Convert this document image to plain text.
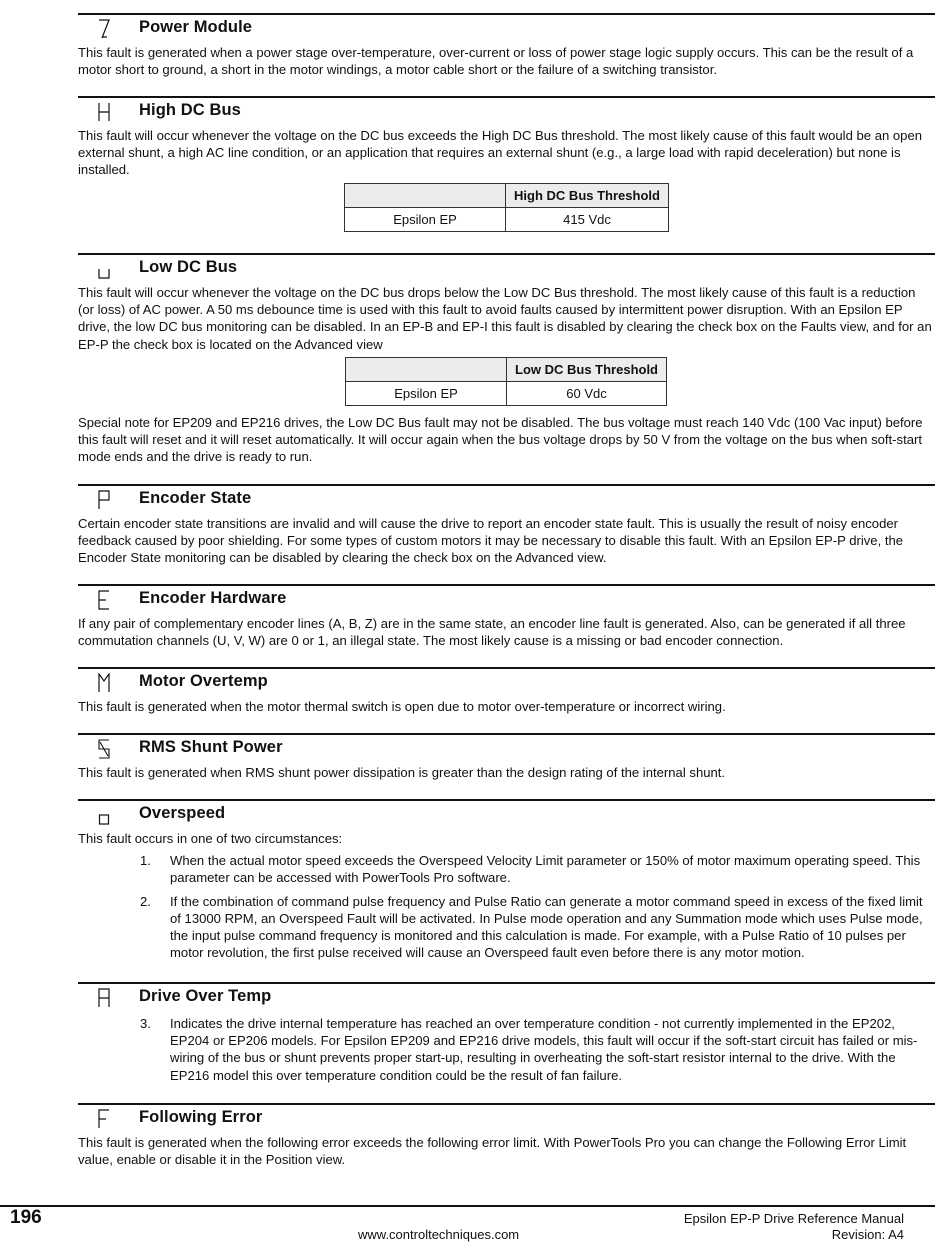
Power Module

This fault is generated when a power stage over-temperature, over-current or loss of power stage logic supply occurs. This can be the result of a motor short to ground, a short in the motor windings, a motor cable short or the failure of a switching transistor.

High DC Bus

This fault will occur whenever the voltage on the DC bus exceeds the High DC Bus threshold. The most likely cause of this fault would be an open external shunt, a high AC line condition, or an application that requires an external shunt (e.g., a large load with rapid deceleration) but none is installed.

	High DC Bus Threshold
Epsilon EP	415 Vdc
Low DC Bus

This fault will occur whenever the voltage on the DC bus drops below the Low DC Bus threshold. The most likely cause of this fault is a reduction (or loss) of AC power. A 50 ms debounce time is used with this fault to avoid faults caused by intermittent power disruption. With an Epsilon EP drive, the low DC bus monitoring can be disabled. In an EP-B and EP-I this fault is disabled by clearing the check box on the Faults view, and for an EP-P the check box is located on the Advanced view

	Low DC Bus Threshold
Epsilon EP	60 Vdc

Special note for EP209 and EP216 drives, the Low DC Bus fault may not be disabled. The bus voltage must reach 140 Vdc (100 Vac input) before this fault will reset and it will reset automatically. It will occur again when the bus voltage drops by 50 V from the voltage on the bus when soft-start mode ends and the drive is ready to run.

Encoder State

Certain encoder state transitions are invalid and will cause the drive to report an encoder state fault. This is usually the result of noisy encoder feedback caused by poor shielding. For some types of custom motors it may be necessary to disable this fault. With an Epsilon EP-P drive, the Encoder State monitoring can be disabled by clearing the check box on the Advanced view.

Encoder Hardware

If any pair of complementary encoder lines (A, B, Z) are in the same state, an encoder line fault is generated. Also, can be generated if all three commutation channels (U, V, W) are 0 or 1, an illegal state. The most likely cause is a missing or bad encoder connection.

Motor Overtemp

This fault is generated when the motor thermal switch is open due to motor over-temperature or incorrect wiring.

RMS Shunt Power

This fault is generated when RMS shunt power dissipation is greater than the design rating of the internal shunt.

Overspeed

This fault occurs in one of two circumstances:

1. When the actual motor speed exceeds the Overspeed Velocity Limit parameter or 150% of motor maximum operating speed. This parameter can be accessed with PowerTools Pro software.
2. If the combination of command pulse frequency and Pulse Ratio can generate a motor command speed in excess of the fixed limit of 13000 RPM, an Overspeed Fault will be activated. In Pulse mode operation and any Summation mode which uses Pulse mode, the input pulse command frequency is monitored and this calculation is made. For example, with a Pulse Ratio of 10 pulses per motor revolution, the first pulse received will cause an Overspeed fault even before there is any motor motion.
Drive Over Temp
3. Indicates the drive internal temperature has reached an over temperature condition - not currently implemented in the EP202, EP204 or EP206 models. For Epsilon EP209 and EP216 drive models, this fault will occur if the soft-start circuit has failed or mis-wiring of the bus or shunt prevents proper start-up, resulting in overheating the soft-start resistor internal to the drive. With the EP216 model this over temperature condition could be the result of fan failure.
Following Error

This fault is generated when the following error exceeds the following error limit. With PowerTools Pro you can change the Following Error Limit value, enable or disable it in the Position view.

196	Epsilon EP-P Drive Reference Manual
www.controltechniques.com	Revision: A4
